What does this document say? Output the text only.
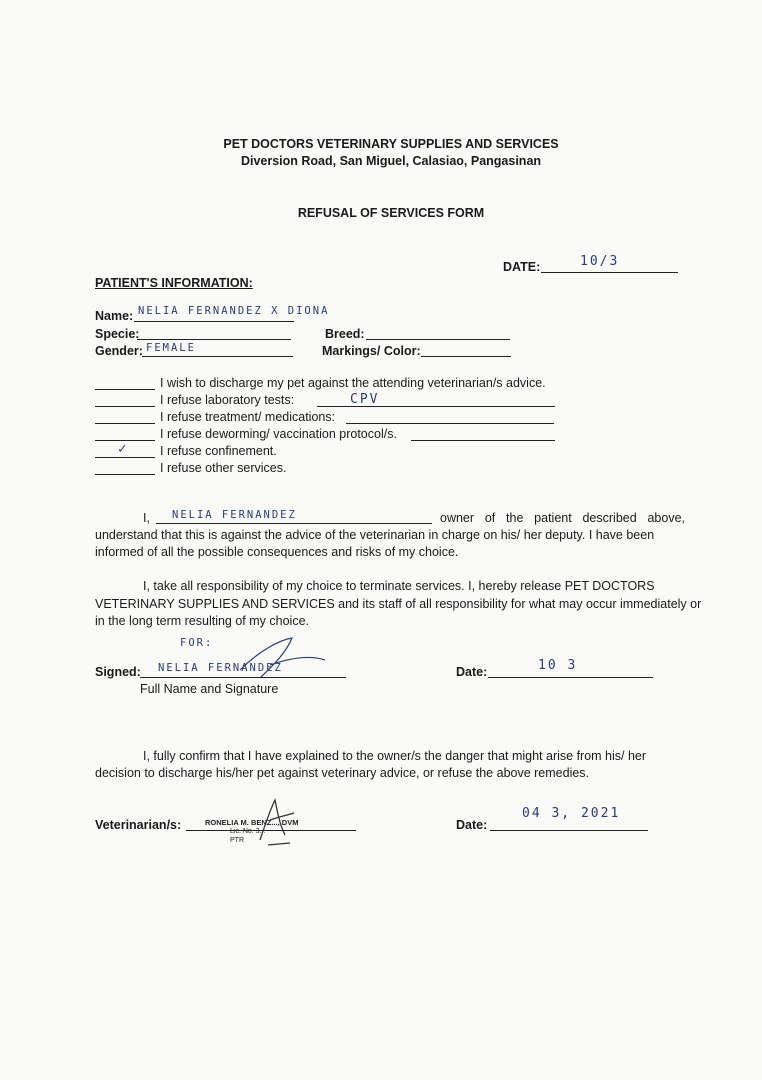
PET DOCTORS VETERINARY SUPPLIES AND SERVICES
Diversion Road, San Miguel, Calasiao, Pangasinan
REFUSAL OF SERVICES FORM
DATE:	10/3
PATIENT'S INFORMATION:
Name: NELIA FERNANDEZ X DIONA
Specie:	Breed:
Gender: FEMALE	Markings/ Color:
I wish to discharge my pet against the attending veterinarian/s advice.
I refuse laboratory tests:	CPV
I refuse treatment/ medications:
I refuse deworming/ vaccination protocol/s.
✓	I refuse confinement.
I refuse other services.
I, NELIA FERNANDEZ	owner of the patient described above,
understand that this is against the advice of the veterinarian in charge on his/ her deputy. I have been
informed of all the possible consequences and risks of my choice.
I, take all responsibility of my choice to terminate services. I, hereby release PET DOCTORS
VETERINARY SUPPLIES AND SERVICES and its staff of all responsibility for what may occur immediately or
in the long term resulting of my choice.
FOR:
Signed: NELIA FERNANDEZ
Full Name and Signature
Date:	10 3
I, fully confirm that I have explained to the owner/s the danger that might arise from his/ her
decision to discharge his/her pet against veterinary advice, or refuse the above remedies.
Veterinarian/s:	RONELIA M. BENZ..., DVM
Lic. No. 3...
PTR
Date:
04 3, 2021
